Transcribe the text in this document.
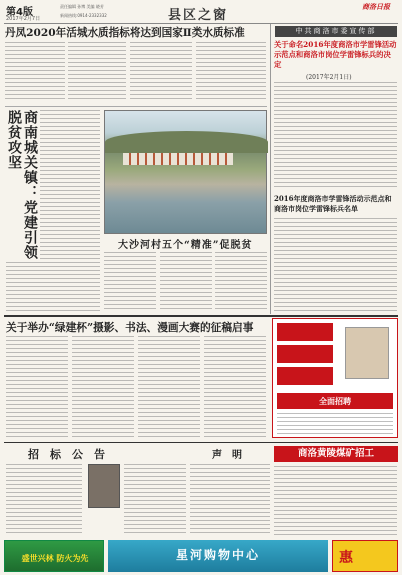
第4版
2017年2月7日
责任编辑 孙博 美编 晓芳
新闻热线:0914-2332332	县区之窗
商洛日报
丹凤2020年活城水质指标将达到国家Ⅱ类水质标准
商南城关镇：党建引领脱贫攻坚
大沙河村五个“精准”促脱贫
中共商洛市委宣传部
关于命名2016年度商洛市学雷锋活动示范点和商洛市岗位学雷锋标兵的决定
(2017年2月1日)
2016年度商洛市学雷锋活动示范点和商洛市岗位学雷锋标兵名单
关于举办“绿建杯”摄影、书法、漫画大赛的征稿启事
全面招聘
招　标　公　告	声　明	商洛黄陵煤矿招工
盛世兴林 防火为先	星河购物中心	惠
